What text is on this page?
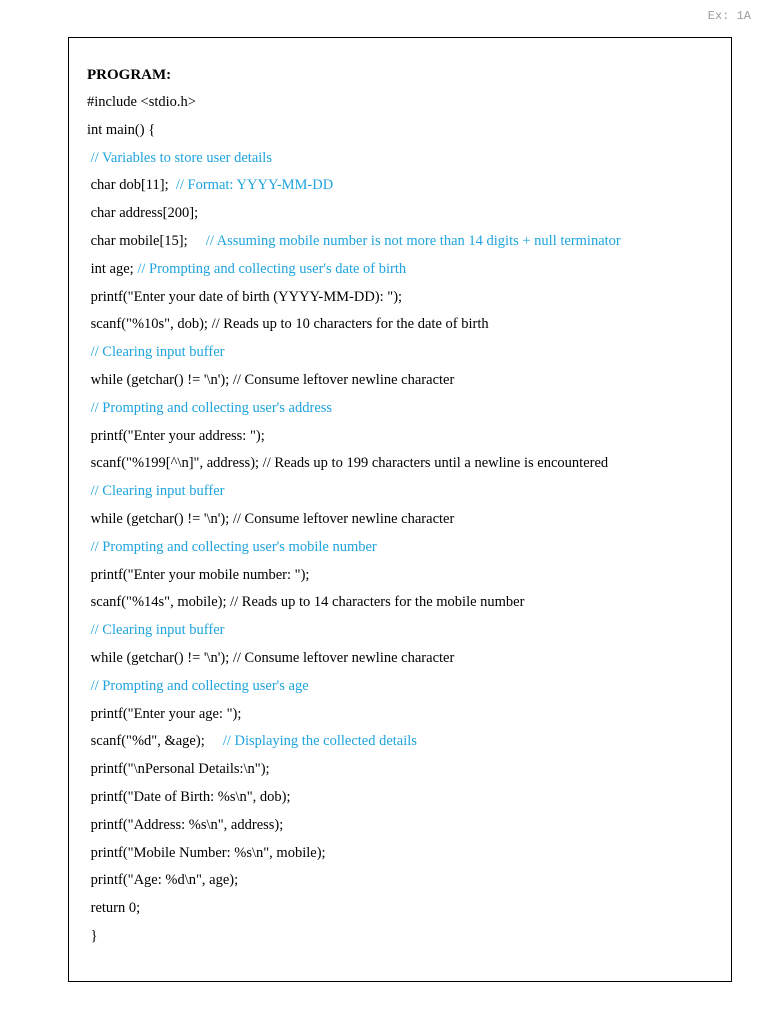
Ex: 1A
PROGRAM:
#include <stdio.h>
int main() {
// Variables to store user details
char dob[11];  // Format: YYYY-MM-DD
char address[200];
char mobile[15];     // Assuming mobile number is not more than 14 digits + null terminator
int age; // Prompting and collecting user's date of birth
printf("Enter your date of birth (YYYY-MM-DD): ");
scanf("%10s", dob); // Reads up to 10 characters for the date of birth
// Clearing input buffer
while (getchar() != '\n'); // Consume leftover newline character
// Prompting and collecting user's address
printf("Enter your address: ");
scanf("%199[^\n]", address); // Reads up to 199 characters until a newline is encountered
// Clearing input buffer
while (getchar() != '\n'); // Consume leftover newline character
// Prompting and collecting user's mobile number
printf("Enter your mobile number: ");
scanf("%14s", mobile); // Reads up to 14 characters for the mobile number
// Clearing input buffer
while (getchar() != '\n'); // Consume leftover newline character
// Prompting and collecting user's age
printf("Enter your age: ");
scanf("%d", &age);     // Displaying the collected details
printf("\nPersonal Details:\n");
printf("Date of Birth: %s\n", dob);
printf("Address: %s\n", address);
printf("Mobile Number: %s\n", mobile);
printf("Age: %d\n", age);
return 0;
}
